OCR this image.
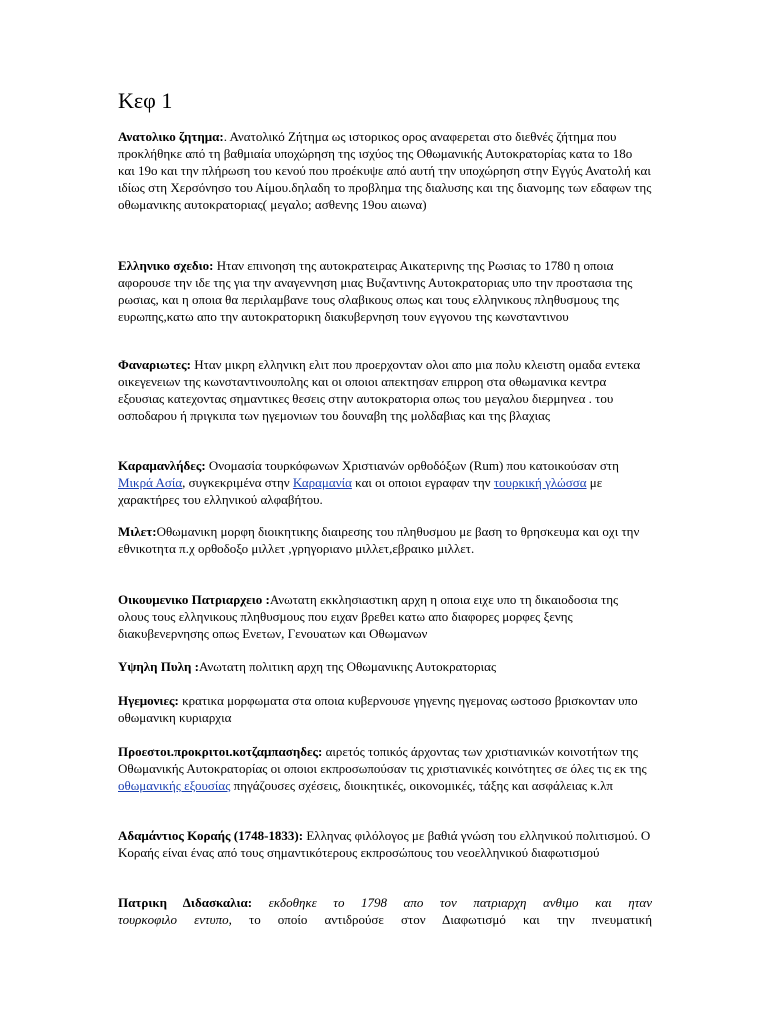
Κεφ 1

Ανατολικο ζητημα:. Ανατολικό Ζήτημα ως ιστορικος ορος αναφερεται στο διεθνές ζήτημα που προκλήθηκε από τη βαθμιαία υποχώρηση της ισχύος της Οθωμανικής Αυτοκρατορίας κατα το 18ο και 19ο και την πλήρωση του κενού που προέκυψε από αυτή την υποχώρηση στην Εγγύς Ανατολή και ιδίως στη Χερσόνησο του Αίμου.δηλαδη το προβλημα της διαλυσης και της διανομης των εδαφων της οθωμανικης αυτοκρατοριας( μεγαλο; ασθενης 19ου αιωνα)

Ελληνικο σχεδιο: Ηταν επινοηση της αυτοκρατειρας Αικατερινης της Ρωσιας το 1780 η οποια αφορουσε την ιδε της για την αναγεννηση μιας Βυζαντινης Αυτοκρατοριας υπο την προστασια της ρωσιας, και η οποια θα περιλαμβανε τους σλαβικους οπως και τους ελληνικους πληθυσμους της ευρωπης,κατω απο την αυτοκρατορικη διακυβερνηση τουν εγγονου της κωνσταντινου

Φαναριωτες: Ηταν μικρη ελληνικη ελιτ που προερχονταν ολοι απο μια πολυ κλειστη ομαδα εντεκα οικεγενειων της κωνσταντινουπολης και οι οποιοι απεκτησαν επιρροη στα οθωμανικα κεντρα εξουσιας κατεχοντας σημαντικες θεσεις στην αυτοκρατορια οπως του μεγαλου διερμηνεα . του οσποδαρου ή πριγκιπα των ηγεμονιων του δουναβη της μολδαβιας και της βλαχιας

Καραμανλήδες: Ονομασία τουρκόφωνων Χριστιανών ορθοδόξων (Rum) που κατοικούσαν στη Μικρά Ασία, συγκεκριμένα στην Καραμανία και οι οποιοι εγραφαν την τουρκική γλώσσα με χαρακτήρες του ελληνικού αλφαβήτου.

Μιλετ:Οθωμανικη μορφη διοικητικης διαιρεσης του πληθυσμου με βαση το θρησκευμα και οχι την εθνικοτητα π.χ ορθοδοξο μιλλετ ,γρηγοριανο μιλλετ,εβραικο μιλλετ.

Οικουμενικο Πατριαρχειο :Ανωτατη εκκλησιαστικη αρχη η οποια ειχε υπο τη δικαιοδοσια της ολους τους ελληνικους πληθυσμους που ειχαν βρεθει κατω απο διαφορες μορφες ξενης διακυβενερνησης οπως Ενετων, Γενουατων και Οθωμανων

Υψηλη Πυλη :Ανωτατη πολιτικη αρχη της Οθωμανικης Αυτοκρατοριας

Ηγεμονιες: κρατικα μορφωματα στα οποια κυβερνουσε γηγενης ηγεμονας ωστοσο βρισκονταν υπο οθωμανικη κυριαρχια

Προεστοι.προκριτοι.κοτζαμπασηδες: αιρετός τοπικός άρχοντας των χριστιανικών κοινοτήτων της Οθωμανικής Αυτοκρατορίας οι οποιοι εκπροσωπούσαν τις χριστιανικές κοινότητες σε όλες τις εκ της οθωμανικής εξουσίας πηγάζουσες σχέσεις, διοικητικές, οικονομικές, τάξης και ασφάλειας κ.λπ

Αδαμάντιος Κοραής (1748-1833): Ελληνας φιλόλογος με βαθιά γνώση του ελληνικού πολιτισμού. Ο Κοραής είναι ένας από τους σημαντικότερους εκπροσώπους του νεοελληνικού διαφωτισμού

Πατρικη Διδασκαλια: εκδοθηκε το 1798 απο τον πατριαρχη ανθιμο και ηταν
τουρκοφιλο εντυπο, το οποίο αντιδρούσε στον Διαφωτισμό και την πνευματική
